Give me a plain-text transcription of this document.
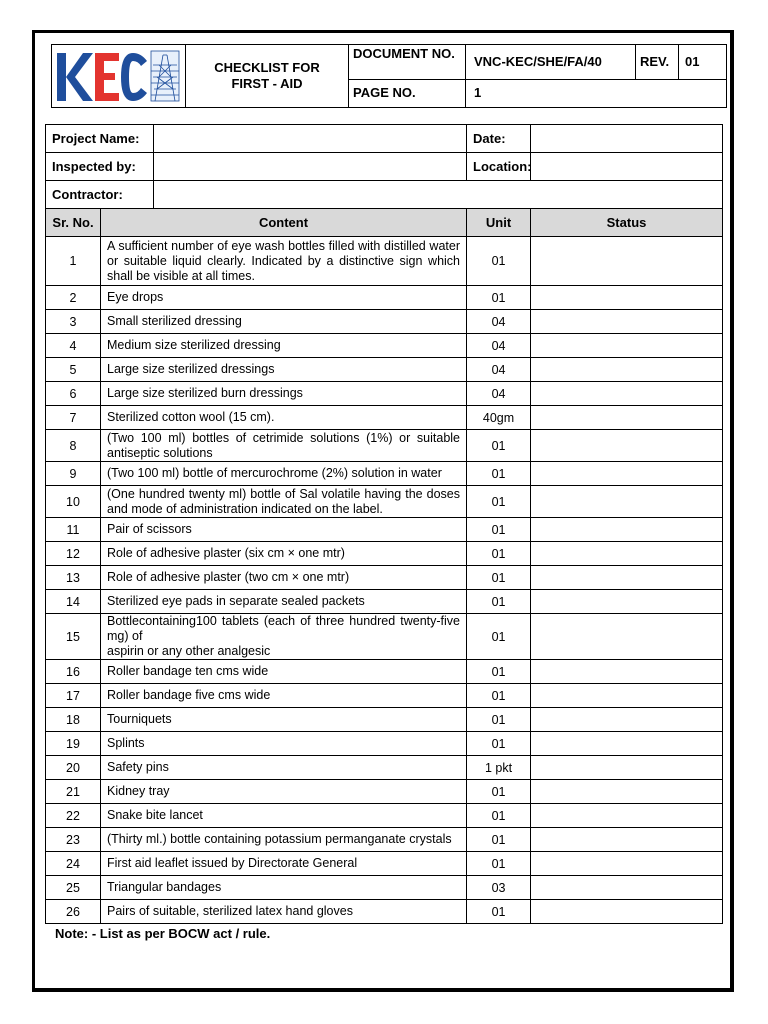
CHECKLIST FOR
FIRST - AID
DOCUMENT NO.
VNC-KEC/SHE/FA/40	REV.	01
PAGE NO.	1
Project Name:			Date:	
Inspected by:			Location:	
Contractor:				
Sr. No.	Content		Unit	Status
1	A sufficient number of eye wash bottles filled with distilled water or suitable liquid clearly. Indicated by a distinctive sign which shall be visible at all times.		01	
2	Eye drops		01	
3	Small sterilized dressing		04	
4	Medium size sterilized dressing		04	
5	Large size sterilized dressings		04	
6	Large size sterilized burn dressings		04	
7	Sterilized cotton wool (15 cm).		40gm	
8	(Two 100 ml) bottles of cetrimide solutions (1%) or suitable antiseptic solutions		01	
9	(Two 100 ml) bottle of mercurochrome (2%) solution in water		01	
10	(One hundred twenty ml) bottle of Sal volatile having the doses and mode of administration indicated on the label.		01	
11	Pair of scissors		01	
12	Role of adhesive plaster (six cm × one mtr)		01	
13	Role of adhesive plaster (two cm × one mtr)		01	
14	Sterilized eye pads in separate sealed packets		01	
15	Bottlecontaining100 tablets (each of three hundred twenty-five mg) of
aspirin or any other analgesic		01	
16	Roller bandage ten cms wide		01	
17	Roller bandage five cms wide		01	
18	Tourniquets		01	
19	Splints		01	
20	Safety pins		1 pkt	
21	Kidney tray		01	
22	Snake bite lancet		01	
23	(Thirty ml.) bottle containing potassium permanganate crystals		01	
24	First aid leaflet issued by Directorate General		01	
25	Triangular bandages		03	
26	Pairs of suitable, sterilized latex hand gloves		01	
Note: - List as per BOCW act / rule.
